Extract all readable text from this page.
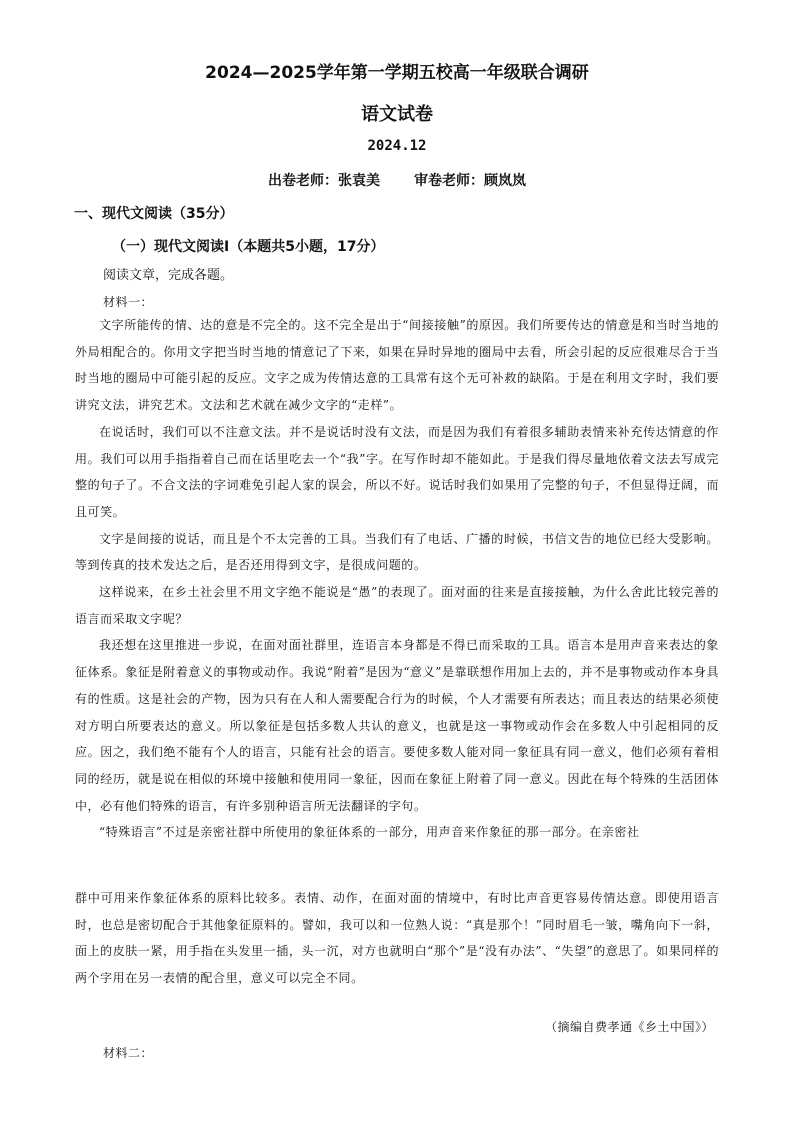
2024—2025学年第一学期五校高一年级联合调研
语文试卷
2024.12
出卷老师：张袁美 审卷老师：顾岚岚
一、现代文阅读（35分）
（一）现代文阅读Ⅰ（本题共5小题，17分）
阅读文章，完成各题。
材料一：

文字所能传的情、达的意是不完全的。这不完全是出于“间接接触”的原因。我们所要传达的情意是和当时当地的外局相配合的。你用文字把当时当地的情意记了下来，如果在异时异地的圈局中去看，所会引起的反应很难尽合于当时当地的圈局中可能引起的反应。文字之成为传情达意的工具常有这个无可补救的缺陷。于是在利用文字时，我们要讲究文法，讲究艺术。文法和艺术就在减少文字的“走样”。

在说话时，我们可以不注意文法。并不是说话时没有文法，而是因为我们有着很多辅助表情来补充传达情意的作用。我们可以用手指指着自己而在话里吃去一个“我”字。在写作时却不能如此。于是我们得尽量地依着文法去写成完整的句子了。不合文法的字词难免引起人家的误会，所以不好。说话时我们如果用了完整的句子，不但显得迂阔，而且可笑。

文字是间接的说话，而且是个不太完善的工具。当我们有了电话、广播的时候，书信文告的地位已经大受影响。等到传真的技术发达之后，是否还用得到文字，是很成问题的。

这样说来，在乡土社会里不用文字绝不能说是“愚”的表现了。面对面的往来是直接接触，为什么舍此比较完善的语言而采取文字呢？

我还想在这里推进一步说，在面对面社群里，连语言本身都是不得已而采取的工具。语言本是用声音来表达的象征体系。象征是附着意义的事物或动作。我说“附着”是因为“意义”是靠联想作用加上去的，并不是事物或动作本身具有的性质。这是社会的产物，因为只有在人和人需要配合行为的时候，个人才需要有所表达；而且表达的结果必须使对方明白所要表达的意义。所以象征是包括多数人共认的意义，也就是这一事物或动作会在多数人中引起相同的反应。因之，我们绝不能有个人的语言，只能有社会的语言。要使多数人能对同一象征具有同一意义，他们必须有着相同的经历，就是说在相似的环境中接触和使用同一象征，因而在象征上附着了同一意义。因此在每个特殊的生活团体中，必有他们特殊的语言，有许多别种语言所无法翻译的字句。

“特殊语言”不过是亲密社群中所使用的象征体系的一部分，用声音来作象征的那一部分。在亲密社

群中可用来作象征体系的原料比较多。表情、动作，在面对面的情境中，有时比声音更容易传情达意。即使用语言时，也总是密切配合于其他象征原料的。譬如，我可以和一位熟人说：“真是那个！”同时眉毛一皱，嘴角向下一斜，面上的皮肤一紧，用手指在头发里一插，头一沉，对方也就明白“那个”是“没有办法”、“失望”的意思了。如果同样的两个字用在另一表情的配合里，意义可以完全不同。

（摘编自费孝通《乡土中国》）
材料二：
